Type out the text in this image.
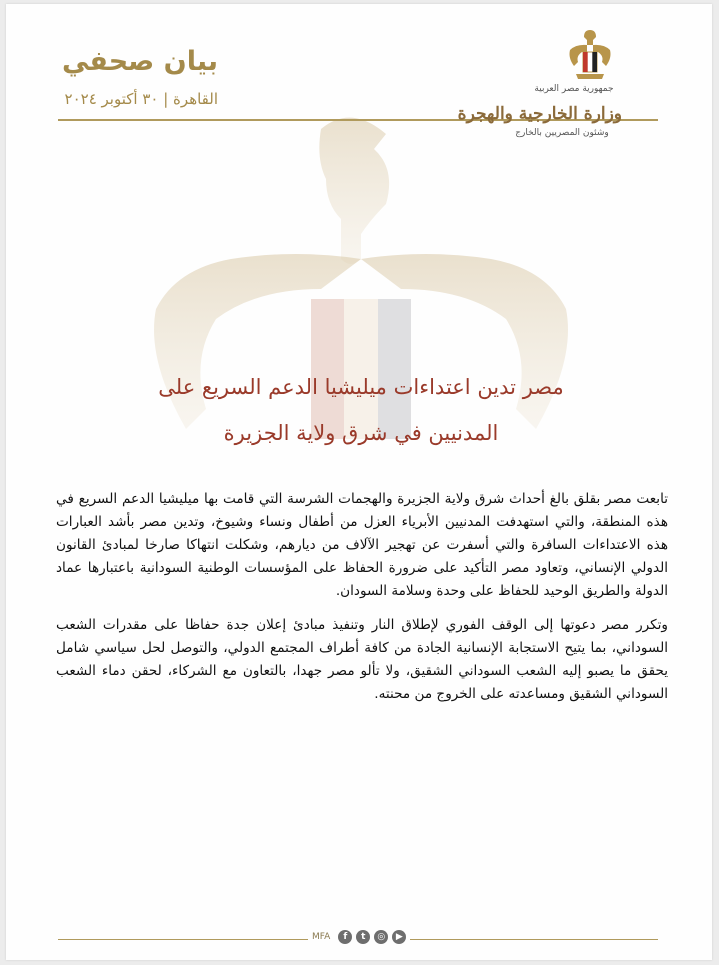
بيان صحفي
القاهرة | ٣٠ أكتوبر ٢٠٢٤
جمهورية مصر العربية
وزارة الخارجية والهجرة
وشئون المصريين بالخارج
مصر تدين اعتداءات ميليشيا الدعم السريع على
المدنيين في شرق ولاية الجزيرة

تابعت مصر بقلق بالغ أحداث شرق ولاية الجزيرة والهجمات الشرسة التي قامت بها ميليشيا الدعم السريع في هذه المنطقة، والتي استهدفت المدنيين الأبرياء العزل من أطفال ونساء وشيوخ، وتدين مصر بأشد العبارات هذه الاعتداءات السافرة والتي أسفرت عن تهجير الآلاف من ديارهم، وشكلت انتهاكا صارخا لمبادئ القانون الدولي الإنساني، وتعاود مصر التأكيد على ضرورة الحفاظ على المؤسسات الوطنية السودانية باعتبارها عماد الدولة والطريق الوحيد للحفاظ على وحدة وسلامة السودان.

وتكرر مصر دعوتها إلى الوقف الفوري لإطلاق النار وتنفيذ مبادئ إعلان جدة حفاظا على مقدرات الشعب السوداني، بما يتيح الاستجابة الإنسانية الجادة من كافة أطراف المجتمع الدولي، والتوصل لحل سياسي شامل يحقق ما يصبو إليه الشعب السوداني الشقيق، ولا تألو مصر جهدا، بالتعاون مع الشركاء، لحقن دماء الشعب السوداني الشقيق ومساعدته على الخروج من محنته.

MFA	f	t	◎	▶
